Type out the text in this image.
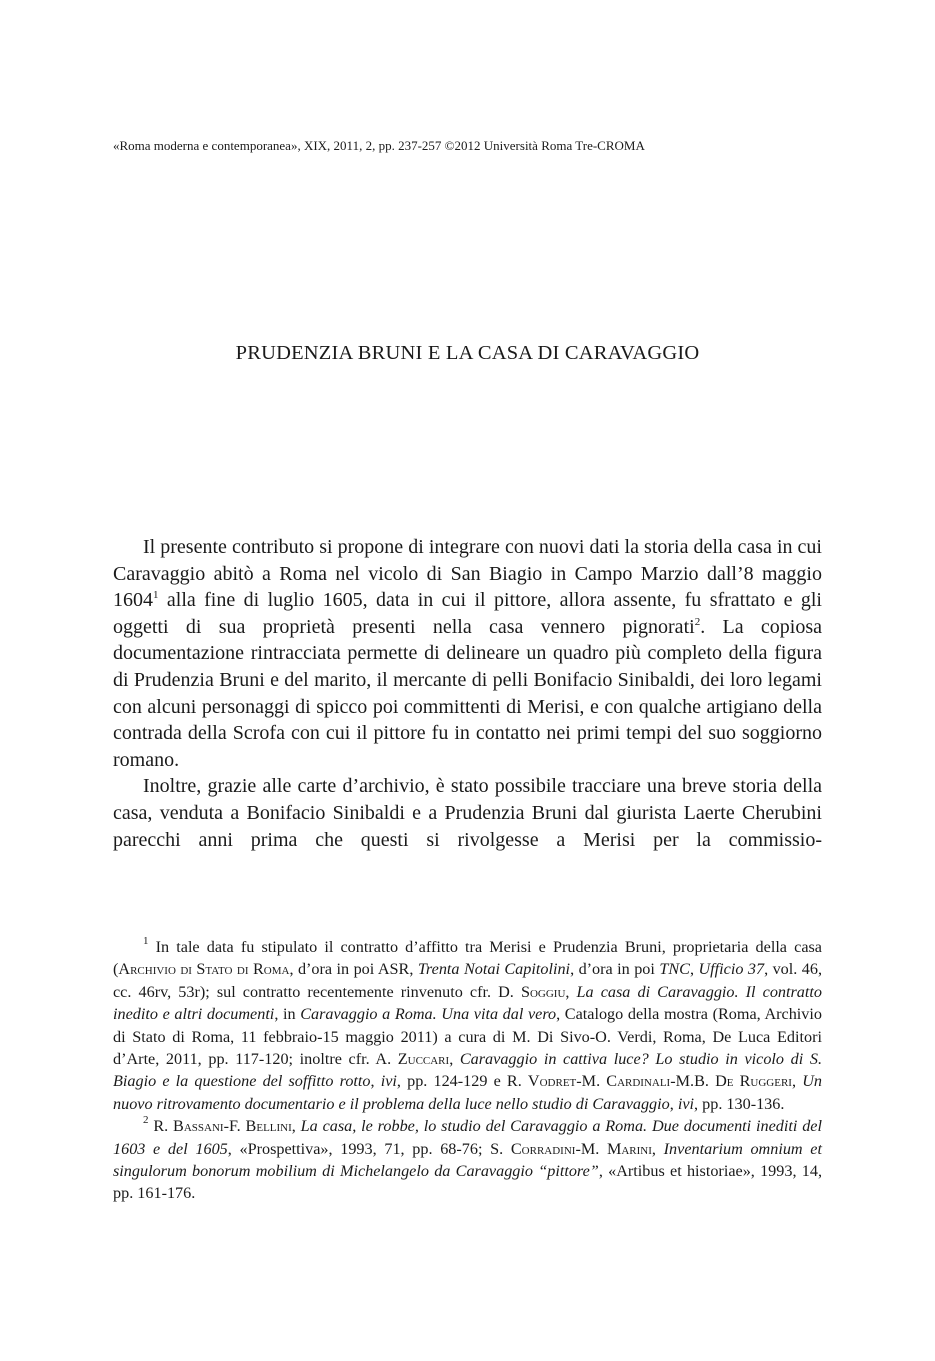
«Roma moderna e contemporanea», XIX, 2011, 2, pp. 237-257 ©2012 Università Roma Tre-CROMA
PRUDENZIA BRUNI E LA CASA DI CARAVAGGIO

Il presente contributo si propone di integrare con nuovi dati la storia della casa in cui Caravaggio abitò a Roma nel vicolo di San Biagio in Campo Marzio dall’8 maggio 1604$^1$ alla fine di luglio 1605, data in cui il pittore, allora assente, fu sfrattato e gli oggetti di sua proprietà presenti nella casa vennero pignorati$^2$. La copiosa documentazione rintracciata permette di delineare un quadro più completo della figura di Prudenzia Bruni e del marito, il mercante di pelli Bonifacio Sinibaldi, dei loro legami con alcuni personaggi di spicco poi committenti di Merisi, e con qualche artigiano della contrada della Scrofa con cui il pittore fu in contatto nei primi tempi del suo soggiorno romano.

Inoltre, grazie alle carte d’archivio, è stato possibile tracciare una breve storia della casa, venduta a Bonifacio Sinibaldi e a Prudenzia Bruni dal giurista Laerte Cherubini parecchi anni prima che questi si rivolgesse a Merisi per la commissio-

$^1$ In tale data fu stipulato il contratto d’affitto tra Merisi e Prudenzia Bruni, proprietaria della casa (Archivio di Stato di Roma, d’ora in poi ASR, Trenta Notai Capitolini, d’ora in poi TNC, Ufficio 37, vol. 46, cc. 46rv, 53r); sul contratto recentemente rinvenuto cfr. D. Soggiu, La casa di Caravaggio. Il contratto inedito e altri documenti, in Caravaggio a Roma. Una vita dal vero, Catalogo della mostra (Roma, Archivio di Stato di Roma, 11 febbraio-15 maggio 2011) a cura di M. Di Sivo-O. Verdi, Roma, De Luca Editori d’Arte, 2011, pp. 117-120; inoltre cfr. A. Zuccari, Caravaggio in cattiva luce? Lo studio in vicolo di S. Biagio e la questione del soffitto rotto, ivi, pp. 124-129 e R. Vodret-M. Cardinali-M.B. De Ruggeri, Un nuovo ritrovamento documentario e il problema della luce nello studio di Caravaggio, ivi, pp. 130-136.

$^2$ R. Bassani-F. Bellini, La casa, le robbe, lo studio del Caravaggio a Roma. Due documenti inediti del 1603 e del 1605, «Prospettiva», 1993, 71, pp. 68-76; S. Corradini-M. Marini, Inventarium omnium et singulorum bonorum mobilium di Michelangelo da Caravaggio “pittore”, «Artibus et historiae», 1993, 14, pp. 161-176.
